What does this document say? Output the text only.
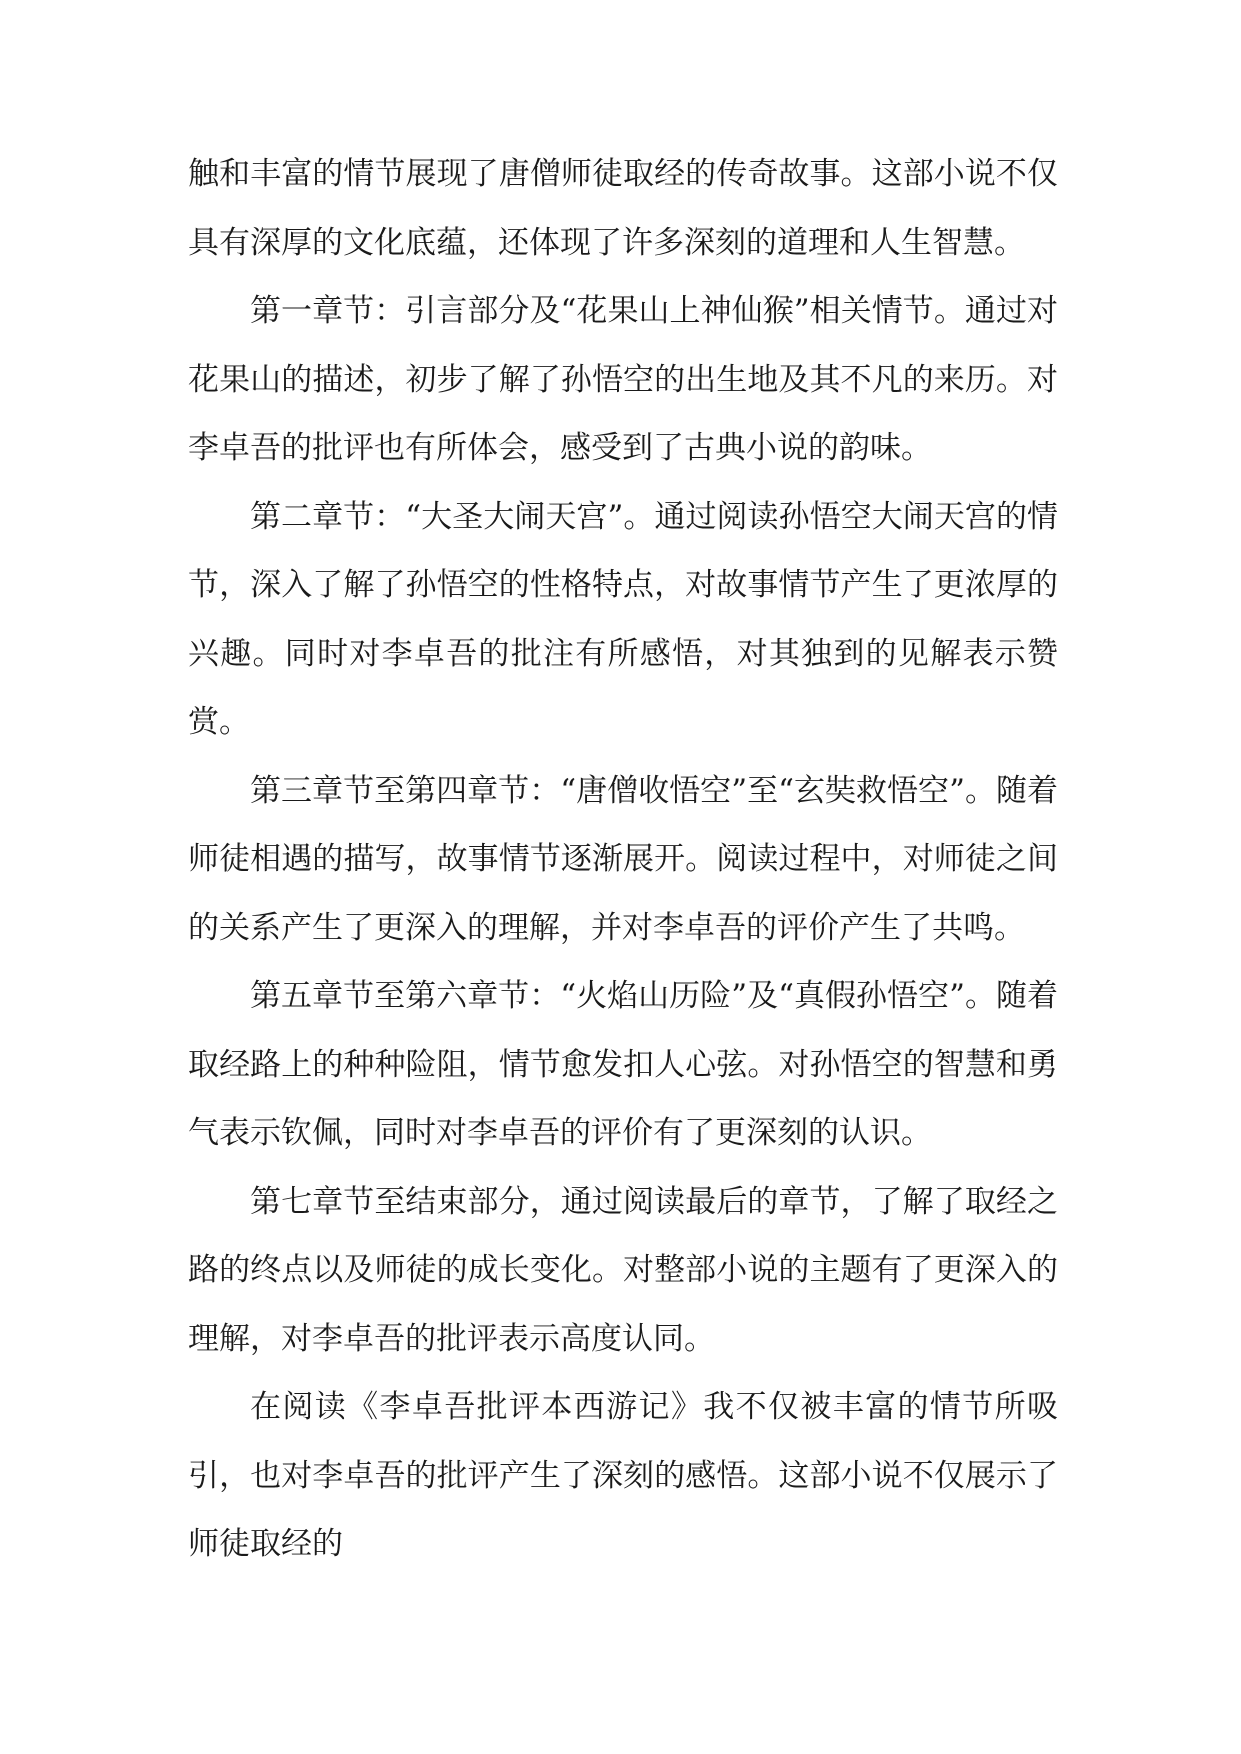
触和丰富的情节展现了唐僧师徒取经的传奇故事。这部小说不仅具有深厚的文化底蕴，还体现了许多深刻的道理和人生智慧。

第一章节：引言部分及“花果山上神仙猴”相关情节。通过对花果山的描述，初步了解了孙悟空的出生地及其不凡的来历。对李卓吾的批评也有所体会，感受到了古典小说的韵味。

第二章节：“大圣大闹天宫”。通过阅读孙悟空大闹天宫的情节，深入了解了孙悟空的性格特点，对故事情节产生了更浓厚的兴趣。同时对李卓吾的批注有所感悟，对其独到的见解表示赞赏。

第三章节至第四章节：“唐僧收悟空”至“玄奘救悟空”。随着师徒相遇的描写，故事情节逐渐展开。阅读过程中，对师徒之间的关系产生了更深入的理解，并对李卓吾的评价产生了共鸣。

第五章节至第六章节：“火焰山历险”及“真假孙悟空”。随着取经路上的种种险阻，情节愈发扣人心弦。对孙悟空的智慧和勇气表示钦佩，同时对李卓吾的评价有了更深刻的认识。

第七章节至结束部分，通过阅读最后的章节，了解了取经之路的终点以及师徒的成长变化。对整部小说的主题有了更深入的理解，对李卓吾的批评表示高度认同。

在阅读《李卓吾批评本西游记》我不仅被丰富的情节所吸引，也对李卓吾的批评产生了深刻的感悟。这部小说不仅展示了师徒取经的
